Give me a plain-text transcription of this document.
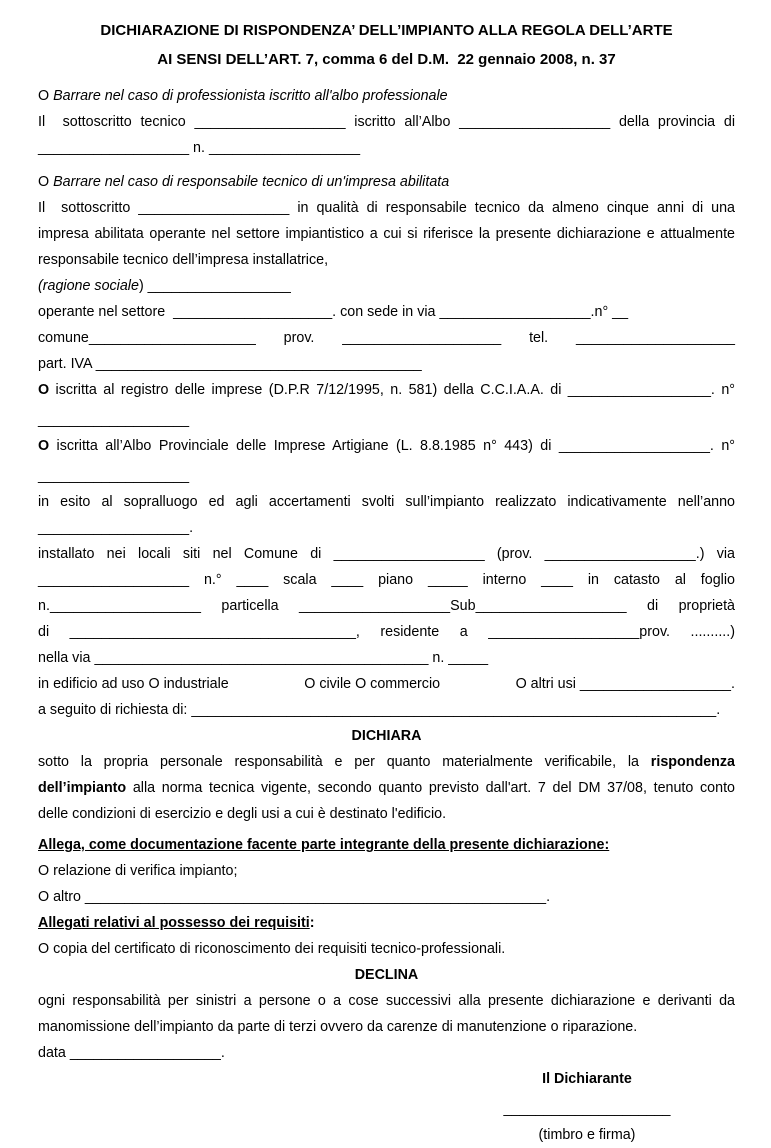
DICHIARAZIONE DI RISPONDENZA’ DELL’IMPIANTO ALLA REGOLA DELL’ARTE
AI SENSI DELL’ART. 7, comma 6 del D.M.  22 gennaio 2008, n. 37
O Barrare nel caso di professionista iscritto all'albo professionale
Il  sottoscritto tecnico ___________________ iscritto all’Albo ___________________ della provincia di
___________________ n. ___________________
O Barrare nel caso di responsabile tecnico di un'impresa abilitata
Il  sottoscritto ___________________ in qualità di responsabile tecnico da almeno cinque anni di una
impresa abilitata operante nel settore impiantistico a cui si riferisce la presente dichiarazione e attualmente
responsabile tecnico dell’impresa installatrice,
(ragione sociale) __________________
operante nel settore  ____________________. con sede in via ___________________.n° __
comune_____________________ prov. ____________________ tel. ____________________
part. IVA _________________________________________
O iscritta al registro delle imprese (D.P.R 7/12/1995, n. 581) della C.C.I.A.A. di __________________. n°
___________________
O iscritta all’Albo Provinciale delle Imprese Artigiane (L. 8.8.1985 n° 443) di ___________________. n°
___________________
in esito al sopralluogo ed agli accertamenti svolti sull’impianto realizzato indicativamente nell’anno
___________________.
installato nei locali siti nel Comune di ___________________ (prov. ___________________.) via
___________________ n.° ____ scala ____ piano _____ interno ____ in catasto al foglio
n.___________________ particella ___________________Sub___________________ di proprietà
di ____________________________________, residente a ___________________prov. ..........)
nella via __________________________________________ n. _____
in edificio ad uso O industriale	O civile O commercio	O altri usi ___________________.
a seguito di richiesta di: __________________________________________________________________.
DICHIARA
sotto la propria personale responsabilità e per quanto materialmente verificabile, la rispondenza
dell’impianto alla norma tecnica vigente, secondo quanto previsto dall'art. 7 del DM 37/08, tenuto conto
delle condizioni di esercizio e degli usi a cui è destinato l'edificio.
Allega, come documentazione facente parte integrante della presente dichiarazione:
O relazione di verifica impianto;
O altro __________________________________________________________.
Allegati relativi al possesso dei requisiti:
O copia del certificato di riconoscimento dei requisiti tecnico-professionali.
DECLINA
ogni responsabilità per sinistri a persone o a cose successivi alla presente dichiarazione e derivanti da
manomissione dell’impianto da parte di terzi ovvero da carenze di manutenzione o riparazione.
data ___________________.
Il Dichiarante
_____________________
(timbro e firma)
